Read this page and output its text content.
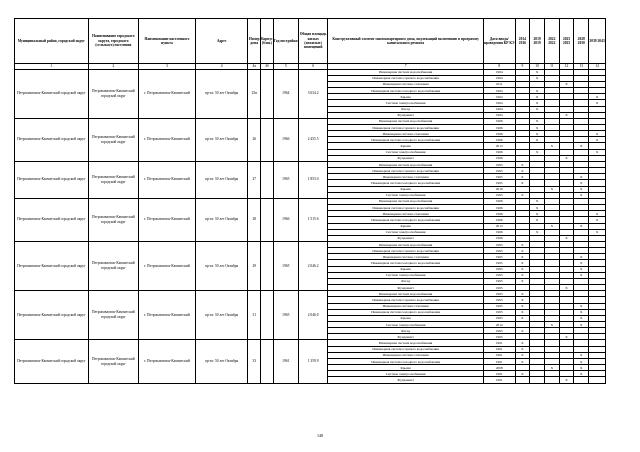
Муниципальный район, городской округ	Наименование городского округа, городского (сельского) поселения	Наименование населенного пункта	Адрес	Номер дома	Корпус (блок)	Год постройки	Общая площадь жилых (нежилых) помещений	Конструктивный элемент многоквартирного дома, подлежащий включению в программу капитального ремонта	Дата ввода/ проведения КР КЭ	2014 2016	2019 2019	2022 2022	2025 2025	2028 2030	2039 2043
1	2	3	4	4а	4б	5	6	7	8	9	10	11	12	13	14
Петропавловск-Камчатский городской округ	Петропавловск-Камчатский городской округ	г. Петропавловск-Камчатский	пр-кт. 50 лет Октября	25в		1964	3 634.2	Инженерная система водоснабжения	1964		X				
								Инженерная система горячего водоснабжения	1964		X				
								Инженерная система отопления	2011				X		
								Инженерная система холодного водоснабжения	1964		X				
								Крыша	1964		X				X
								Система электроснабжения	1964		X				X
								Фасад	1964		X				
								Фундамент	1964				X		
Петропавловск-Камчатский городской округ	Петропавловск-Камчатский городской округ	г. Петропавловск-Камчатский	пр-кт. 50 лет Октября	26		1966	2 455.5	Инженерная система водоснабжения	1966		X				
								Инженерная система горячего водоснабжения	1966		X				
								Инженерная система отопления	1966		X				X
								Инженерная система холодного водоснабжения	1966		X				X
								Крыша	2013			X		X	
								Система электроснабжения	1966		X				X
								Фундамент	1966				X		
Петропавловск-Камчатский городской округ	Петропавловск-Камчатский городской округ	г. Петропавловск-Камчатский	пр-кт. 50 лет Октября	27		1965	1 853.0	Инженерная система водоснабжения	1965	X					
								Инженерная система горячего водоснабжения	1965	X					
								Инженерная система отопления	1965	X				X	
								Инженерная система холодного водоснабжения	1965	X				X	
								Крыша	2010			X		X	
								Система электроснабжения	1965	X				X	
Петропавловск-Камчатский городской округ	Петропавловск-Камчатский городской округ	г. Петропавловск-Камчатский	пр-кт. 50 лет Октября	28		1966	1 515.6	Инженерная система водоснабжения	1966		X				
								Инженерная система горячего водоснабжения	1966		X				
								Инженерная система отопления	1966		X				X
								Инженерная система холодного водоснабжения	1966		X				X
								Крыша	2013			X		X	
								Система электроснабжения	1966		X				X
								Фундамент	1966				X		
Петропавловск-Камчатский городской округ	Петропавловск-Камчатский городской округ	г. Петропавловск-Камчатский	пр-кт. 50 лет Октября	29		1965	2 046.2	Инженерная система водоснабжения	1965	X					
								Инженерная система горячего водоснабжения	1965	X					
								Инженерная система отопления	1965	X				X	
								Инженерная система холодного водоснабжения	1965	X				X	
								Крыша	1965	X				X	
								Система электроснабжения	1965	X				X	
								Фасад	1965	X					
								Фундамент	1965				X		
Петропавловск-Камчатский городской округ	Петропавловск-Камчатский городской округ	г. Петропавловск-Камчатский	пр-кт. 50 лет Октября	31		1965	2 046.0	Инженерная система водоснабжения	1965	X					
								Инженерная система горячего водоснабжения	1965	X					
								Инженерная система отопления	1965	X				X	
								Инженерная система холодного водоснабжения	1965	X				X	
								Крыша	1965	X				X	
								Система электроснабжения	2014			X		X	
								Фасад	1965	X					
								Фундамент	1965				X		
Петропавловск-Камчатский городской округ	Петропавловск-Камчатский городской округ	г. Петропавловск-Камчатский	пр-кт. 50 лет Октября	33		1961	1 359.9	Инженерная система водоснабжения	1961	X					
								Инженерная система горячего водоснабжения	1961	X					
								Инженерная система отопления	1961	X				X	
								Инженерная система холодного водоснабжения	1961	X				X	
								Крыша	2008			X		X	
								Система электроснабжения	1961	X				X	
								Фундамент	1961				X		
148
